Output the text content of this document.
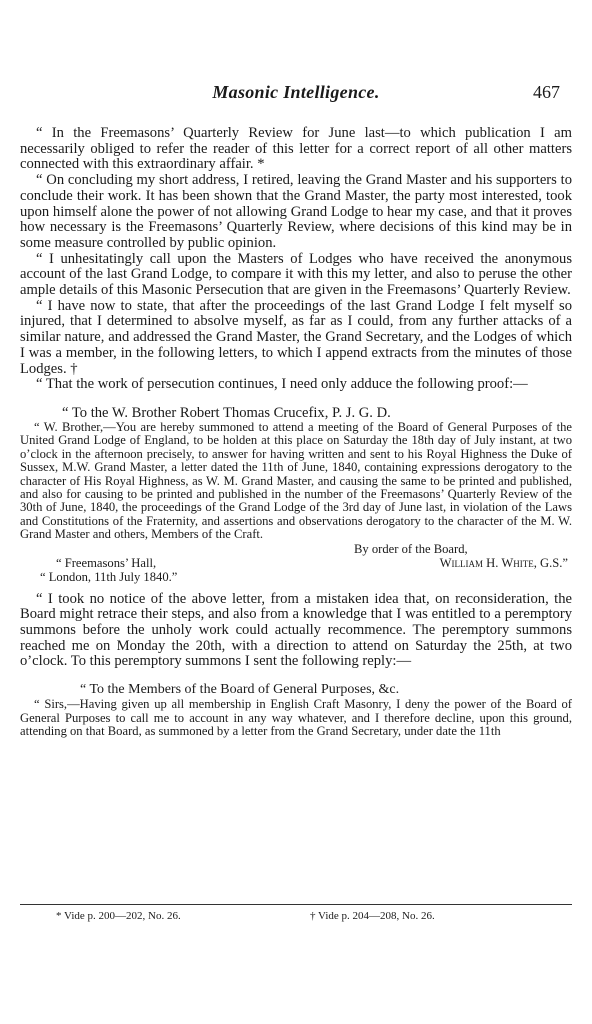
Masonic Intelligence.	467

“ In the Freemasons’ Quarterly Review for June last—to which publication I am necessarily obliged to refer the reader of this letter for a correct report of all other matters connected with this extraordinary affair. *

“ On concluding my short address, I retired, leaving the Grand Master and his supporters to conclude their work. It has been shown that the Grand Master, the party most interested, took upon himself alone the power of not allowing Grand Lodge to hear my case, and that it proves how necessary is the Freemasons’ Quarterly Review, where decisions of this kind may be in some measure controlled by public opinion.

“ I unhesitatingly call upon the Masters of Lodges who have received the anonymous account of the last Grand Lodge, to compare it with this my letter, and also to peruse the other ample details of this Masonic Persecution that are given in the Freemasons’ Quarterly Review.

“ I have now to state, that after the proceedings of the last Grand Lodge I felt myself so injured, that I determined to absolve myself, as far as I could, from any further attacks of a similar nature, and addressed the Grand Master, the Grand Secretary, and the Lodges of which I was a member, in the following letters, to which I append extracts from the minutes of those Lodges. †

“ That the work of persecution continues, I need only adduce the following proof:—

“ To the W. Brother Robert Thomas Crucefix, P. J. G. D.

“ W. Brother,—You are hereby summoned to attend a meeting of the Board of General Purposes of the United Grand Lodge of England, to be holden at this place on Saturday the 18th day of July instant, at two o’clock in the afternoon precisely, to answer for having written and sent to his Royal Highness the Duke of Sussex, M.W. Grand Master, a letter dated the 11th of June, 1840, containing expressions derogatory to the character of His Royal Highness, as W. M. Grand Master, and causing the same to be printed and published, and also for causing to be printed and published in the number of the Freemasons’ Quarterly Review of the 30th of June, 1840, the proceedings of the Grand Lodge of the 3rd day of June last, in violation of the Laws and Constitutions of the Fraternity, and assertions and observations derogatory to the character of the M. W. Grand Master and others, Members of the Craft.

By order of the Board,
“ Freemasons’ Hall,	William H. White, G.S.”
“ London, 11th July 1840.”

“ I took no notice of the above letter, from a mistaken idea that, on reconsideration, the Board might retrace their steps, and also from a knowledge that I was entitled to a peremptory summons before the unholy work could actually recommence. The peremptory summons reached me on Monday the 20th, with a direction to attend on Saturday the 25th, at two o’clock. To this peremptory summons I sent the following reply:—

“ To the Members of the Board of General Purposes, &c.

“ Sirs,—Having given up all membership in English Craft Masonry, I deny the power of the Board of General Purposes to call me to account in any way whatever, and I therefore decline, upon this ground, attending on that Board, as summoned by a letter from the Grand Secretary, under date the 11th

* Vide p. 200—202, No. 26.	† Vide p. 204—208, No. 26.
